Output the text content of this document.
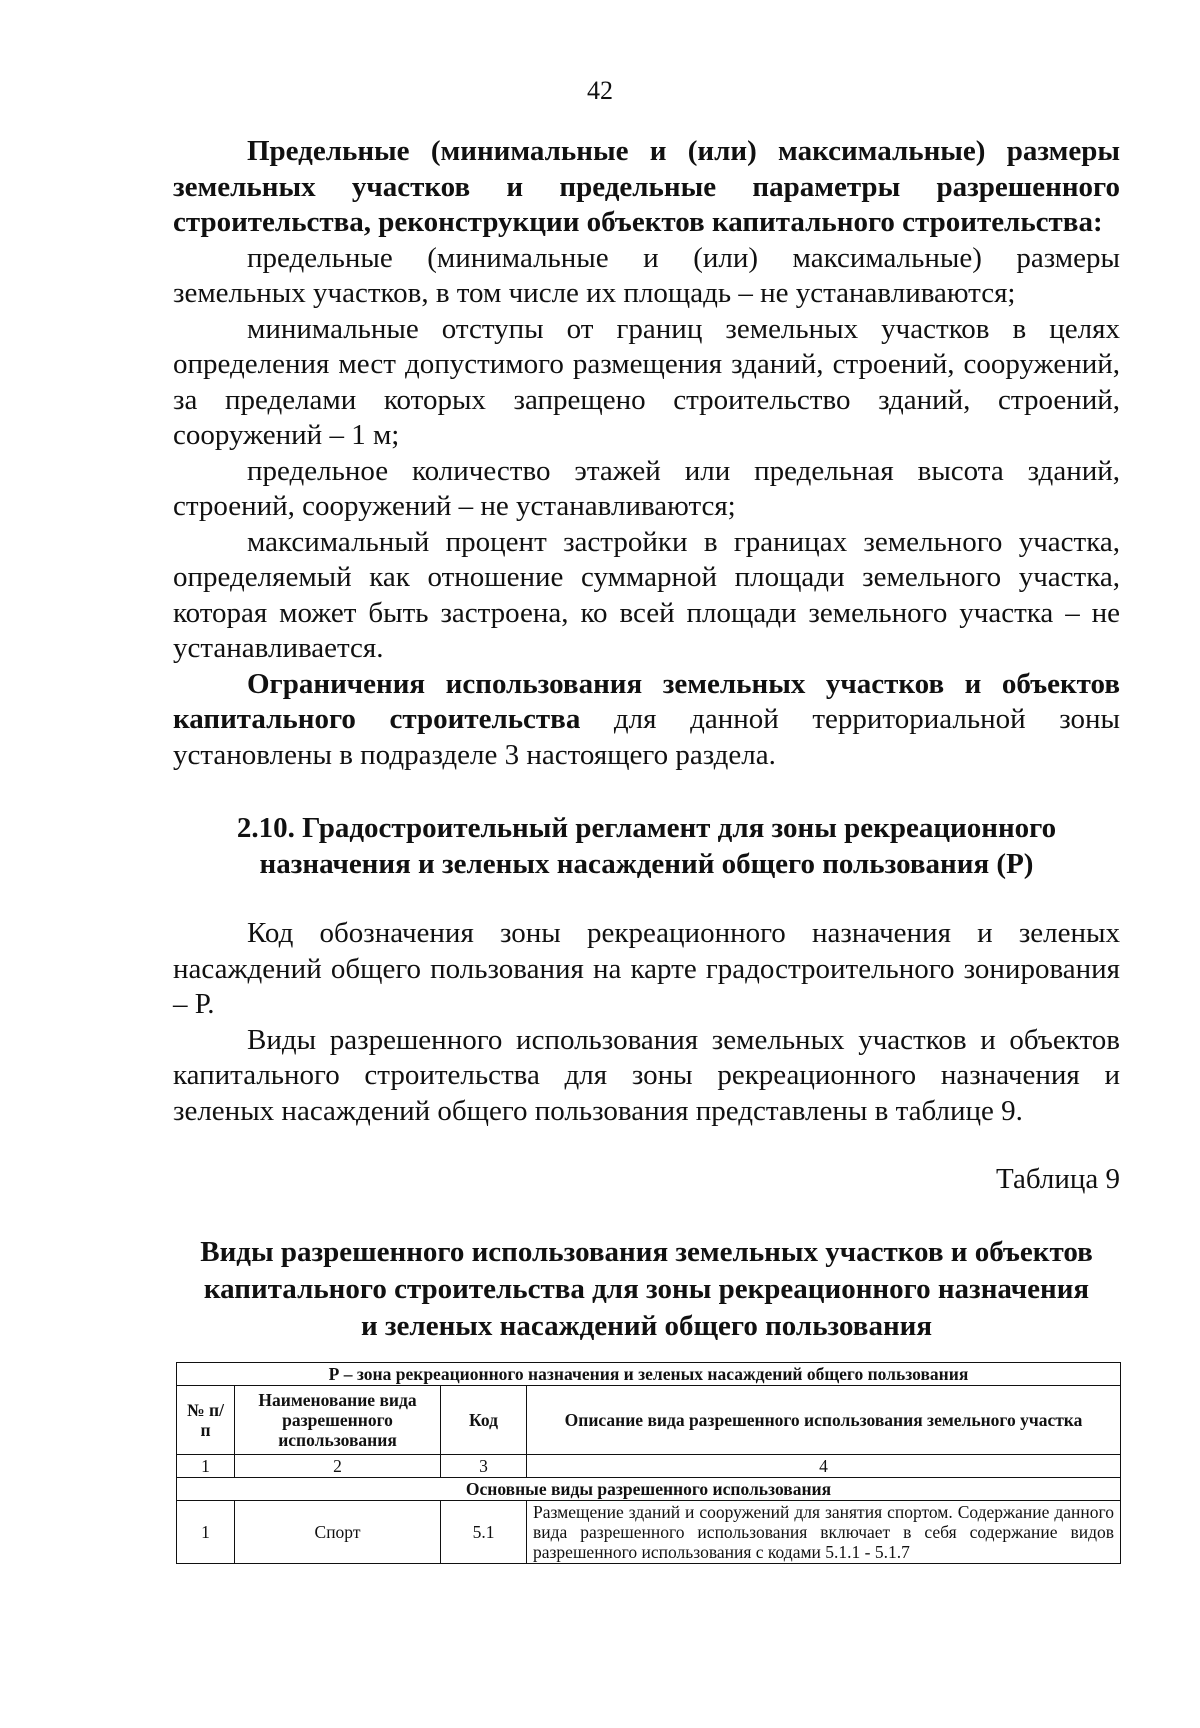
42

Предельные (минимальные и (или) максимальные) размеры земельных участков и предельные параметры разрешенного строительства, реконструкции объектов капитального строительства:

предельные (минимальные и (или) максимальные) размеры земельных участков, в том числе их площадь – не устанавливаются;

минимальные отступы от границ земельных участков в целях определения мест допустимого размещения зданий, строений, сооружений, за пределами которых запрещено строительство зданий, строений, сооружений – 1 м;

предельное количество этажей или предельная высота зданий, строений, сооружений – не устанавливаются;

максимальный процент застройки в границах земельного участка, определяемый как отношение суммарной площади земельного участка, которая может быть застроена, ко всей площади земельного участка – не устанавливается.

Ограничения использования земельных участков и объектов капитального строительства для данной территориальной зоны установлены в подразделе 3 настоящего раздела.

2.10. Градостроительный регламент для зоны рекреационного

назначения и зеленых насаждений общего пользования (Р)

Код обозначения зоны рекреационного назначения и зеленых насаждений общего пользования на карте градостроительного зонирования – Р.

Виды разрешенного использования земельных участков и объектов капитального строительства для зоны рекреационного назначения и зеленых насаждений общего пользования представлены в таблице 9.

Таблица 9

Виды разрешенного использования земельных участков и объектов

капитального строительства для зоны рекреационного назначения

и зеленых насаждений общего пользования

Р – зона рекреационного назначения и зеленых насаждений общего пользования			
№ п/п	Наименование вида разрешенного использования	Код	Описание вида разрешенного использования земельного участка
1	2	3	4
Основные виды разрешенного использования			
1	Спорт	5.1	Размещение зданий и сооружений для занятия спортом. Содержание данного вида разрешенного использования включает в себя содержание видов разрешенного использования с кодами 5.1.1 - 5.1.7
